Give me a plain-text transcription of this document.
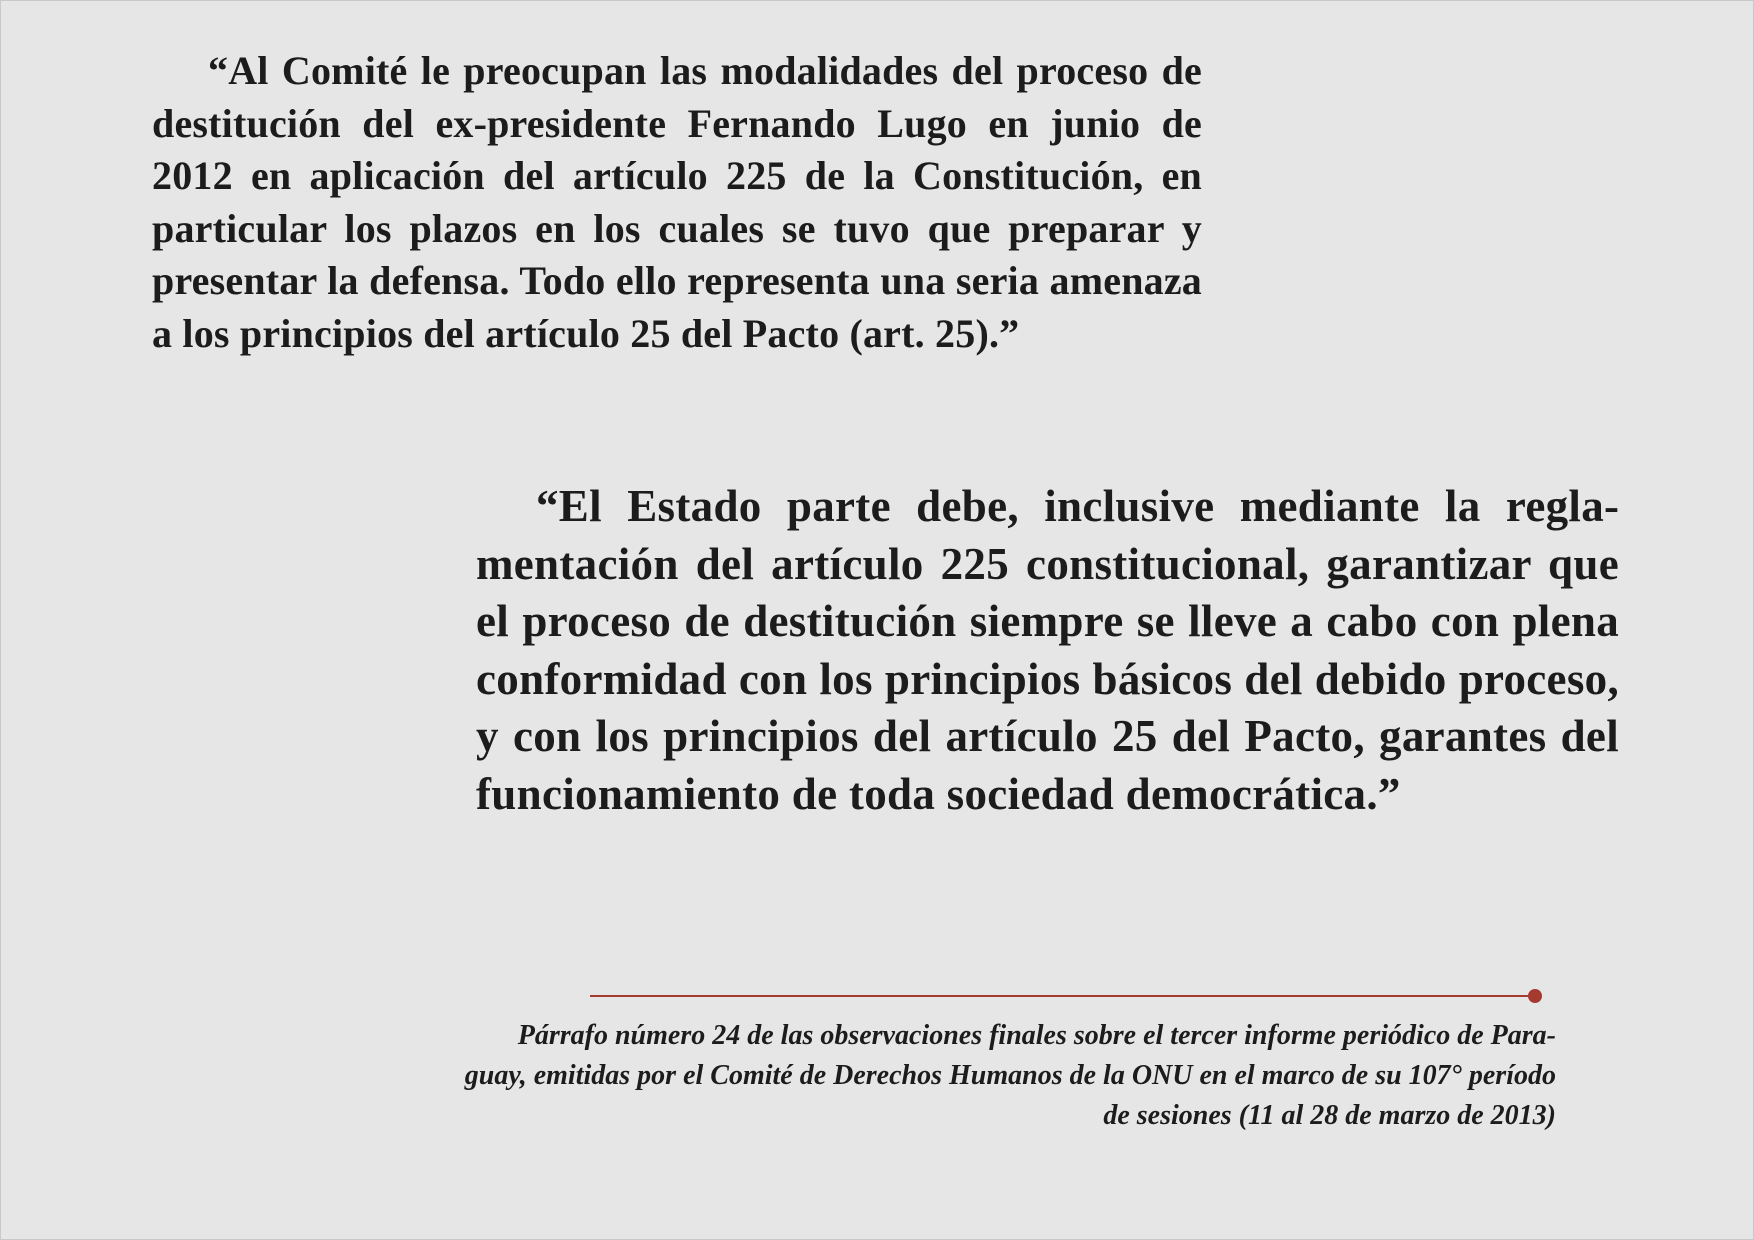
“Al Comité le preocupan las modalidades del proceso de destitución del ex-presidente Fernando Lugo en junio de 2012 en aplicación del artículo 225 de la Constitución, en particular los plazos en los cuales se tuvo que preparar y presentar la defensa. Todo ello representa una seria amenaza a los principios del artículo 25 del Pacto (art. 25).”

“El Estado parte debe, inclusive mediante la reglamentación del artículo 225 constitucional, garantizar que el proceso de destitución siempre se lleve a cabo con plena conformidad con los principios básicos del debido proceso, y con los principios del artículo 25 del Pacto, garantes del funcionamiento de toda sociedad democrática.”

Párrafo número 24 de las observaciones finales sobre el tercer informe periódico de Para-
guay, emitidas por el Comité de Derechos Humanos de la ONU en el marco de su 107° período
de sesiones (11 al 28 de marzo de 2013)
